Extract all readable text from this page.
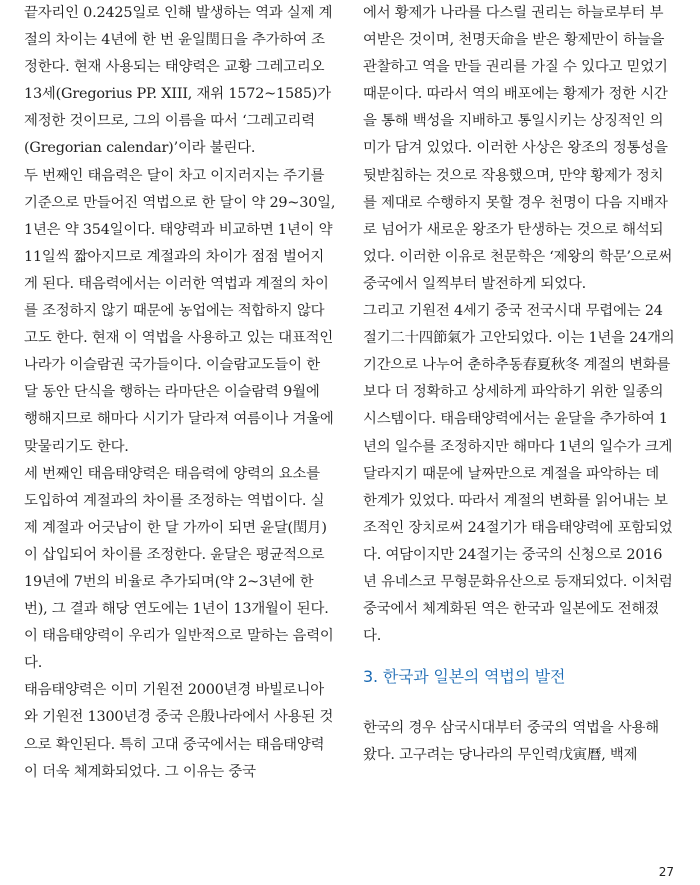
끝자리인 0.2425일로 인해 발생하는 역과 실제 계절의 차이는 4년에 한 번 윤일閏日을 추가하여 조정한다. 현재 사용되는 태양력은 교황 그레고리오 13세(Gregorius PP. XIII, 재위 1572~1585)가 제정한 것이므로, 그의 이름을 따서 ‘그레고리력(Gregorian calendar)’이라 불린다.

두 번째인 태음력은 달이 차고 이지러지는 주기를 기준으로 만들어진 역법으로 한 달이 약 29~30일, 1년은 약 354일이다. 태양력과 비교하면 1년이 약 11일씩 짧아지므로 계절과의 차이가 점점 벌어지게 된다. 태음력에서는 이러한 역법과 계절의 차이를 조정하지 않기 때문에 농업에는 적합하지 않다고도 한다. 현재 이 역법을 사용하고 있는 대표적인 나라가 이슬람권 국가들이다. 이슬람교도들이 한 달 동안 단식을 행하는 라마단은 이슬람력 9월에 행해지므로 해마다 시기가 달라져 여름이나 겨울에 맞물리기도 한다.

세 번째인 태음태양력은 태음력에 양력의 요소를 도입하여 계절과의 차이를 조정하는 역법이다. 실제 계절과 어긋남이 한 달 가까이 되면 윤달(閏月)이 삽입되어 차이를 조정한다. 윤달은 평균적으로 19년에 7번의 비율로 추가되며(약 2~3년에 한 번), 그 결과 해당 연도에는 1년이 13개월이 된다. 이 태음태양력이 우리가 일반적으로 말하는 음력이다.

태음태양력은 이미 기원전 2000년경 바빌로니아와 기원전 1300년경 중국 은殷나라에서 사용된 것으로 확인된다. 특히 고대 중국에서는 태음태양력이 더욱 체계화되었다. 그 이유는 중국

에서 황제가 나라를 다스릴 권리는 하늘로부터 부여받은 것이며, 천명天命을 받은 황제만이 하늘을 관찰하고 역을 만들 권리를 가질 수 있다고 믿었기 때문이다. 따라서 역의 배포에는 황제가 정한 시간을 통해 백성을 지배하고 통일시키는 상징적인 의미가 담겨 있었다. 이러한 사상은 왕조의 정통성을 뒷받침하는 것으로 작용했으며, 만약 황제가 정치를 제대로 수행하지 못할 경우 천명이 다음 지배자로 넘어가 새로운 왕조가 탄생하는 것으로 해석되었다. 이러한 이유로 천문학은 ‘제왕의 학문’으로써 중국에서 일찍부터 발전하게 되었다.

그리고 기원전 4세기 중국 전국시대 무렵에는 24절기二十四節氣가 고안되었다. 이는 1년을 24개의 기간으로 나누어 춘하추동春夏秋冬 계절의 변화를 보다 더 정확하고 상세하게 파악하기 위한 일종의 시스템이다. 태음태양력에서는 윤달을 추가하여 1년의 일수를 조정하지만 해마다 1년의 일수가 크게 달라지기 때문에 날짜만으로 계절을 파악하는 데 한계가 있었다. 따라서 계절의 변화를 읽어내는 보조적인 장치로써 24절기가 태음태양력에 포함되었다. 여담이지만 24절기는 중국의 신청으로 2016년 유네스코 무형문화유산으로 등재되었다. 이처럼 중국에서 체계화된 역은 한국과 일본에도 전해졌다.

3. 한국과 일본의 역법의 발전

한국의 경우 삼국시대부터 중국의 역법을 사용해 왔다. 고구려는 당나라의 무인력戊寅曆, 백제

27
